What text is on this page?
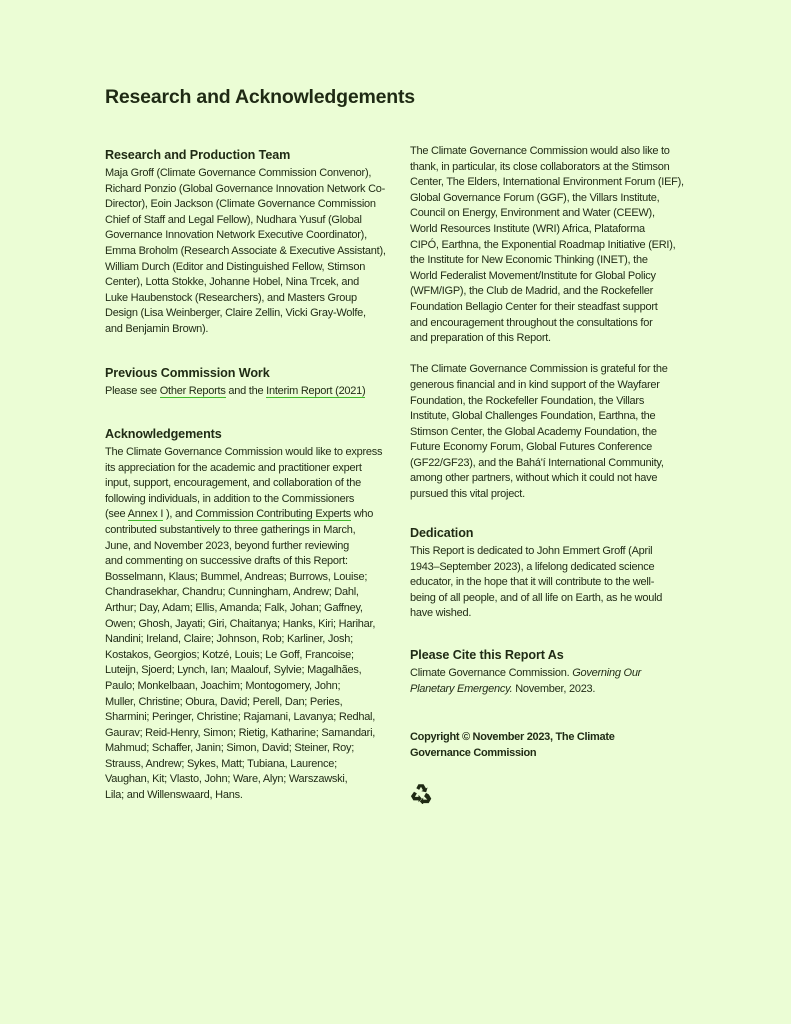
Research and Acknowledgements
Research and Production Team
Maja Groff (Climate Governance Commission Convenor),
Richard Ponzio (Global Governance Innovation Network Co-
Director), Eoin Jackson (Climate Governance Commission
Chief of Staff and Legal Fellow), Nudhara Yusuf (Global
Governance Innovation Network Executive Coordinator),
Emma Broholm (Research Associate & Executive Assistant),
William Durch (Editor and Distinguished Fellow, Stimson
Center), Lotta Stokke, Johanne Hobel, Nina Trcek, and
Luke Haubenstock (Researchers), and Masters Group
Design (Lisa Weinberger, Claire Zellin, Vicki Gray-Wolfe,
and Benjamin Brown).
Previous Commission Work
Please see Other Reports and the Interim Report (2021)
Acknowledgements
The Climate Governance Commission would like to express
its appreciation for the academic and practitioner expert
input, support, encouragement, and collaboration of the
following individuals, in addition to the Commissioners
(see Annex I ), and Commission Contributing Experts who
contributed substantively to three gatherings in March,
June, and November 2023, beyond further reviewing
and commenting on successive drafts of this Report:
Bosselmann, Klaus; Bummel, Andreas; Burrows, Louise;
Chandrasekhar, Chandru; Cunningham, Andrew; Dahl,
Arthur; Day, Adam; Ellis, Amanda; Falk, Johan; Gaffney,
Owen; Ghosh, Jayati; Giri, Chaitanya; Hanks, Kiri; Harihar,
Nandini; Ireland, Claire; Johnson, Rob; Karliner, Josh;
Kostakos, Georgios; Kotzé, Louis; Le Goff, Francoise;
Luteijn, Sjoerd; Lynch, Ian; Maalouf, Sylvie; Magalhães,
Paulo; Monkelbaan, Joachim; Montogomery, John;
Muller, Christine; Obura, David; Perell, Dan; Peries,
Sharmini; Peringer, Christine; Rajamani, Lavanya; Redhal,
Gaurav; Reid-Henry, Simon; Rietig, Katharine; Samandari,
Mahmud; Schaffer, Janin; Simon, David; Steiner, Roy;
Strauss, Andrew; Sykes, Matt; Tubiana, Laurence;
Vaughan, Kit; Vlasto, John; Ware, Alyn; Warszawski,
Lila; and Willenswaard, Hans.
The Climate Governance Commission would also like to
thank, in particular, its close collaborators at the Stimson
Center, The Elders, International Environment Forum (IEF),
Global Governance Forum (GGF), the Villars Institute,
Council on Energy, Environment and Water (CEEW),
World Resources Institute (WRI) Africa, Plataforma
CIPÓ, Earthna, the Exponential Roadmap Initiative (ERI),
the Institute for New Economic Thinking (INET), the
World Federalist Movement/Institute for Global Policy
(WFM/IGP), the Club de Madrid, and the Rockefeller
Foundation Bellagio Center for their steadfast support
and encouragement throughout the consultations for
and preparation of this Report.
The Climate Governance Commission is grateful for the
generous financial and in kind support of the Wayfarer
Foundation, the Rockefeller Foundation, the Villars
Institute, Global Challenges Foundation, Earthna, the
Stimson Center, the Global Academy Foundation, the
Future Economy Forum, Global Futures Conference
(GF22/GF23), and the Bahá'í International Community,
among other partners, without which it could not have
pursued this vital project.
Dedication
This Report is dedicated to John Emmert Groff (April
1943–September 2023), a lifelong dedicated science
educator, in the hope that it will contribute to the well-
being of all people, and of all life on Earth, as he would
have wished.
Please Cite this Report As
Climate Governance Commission. Governing Our
Planetary Emergency. November, 2023.
Copyright © November 2023, The Climate
Governance Commission
